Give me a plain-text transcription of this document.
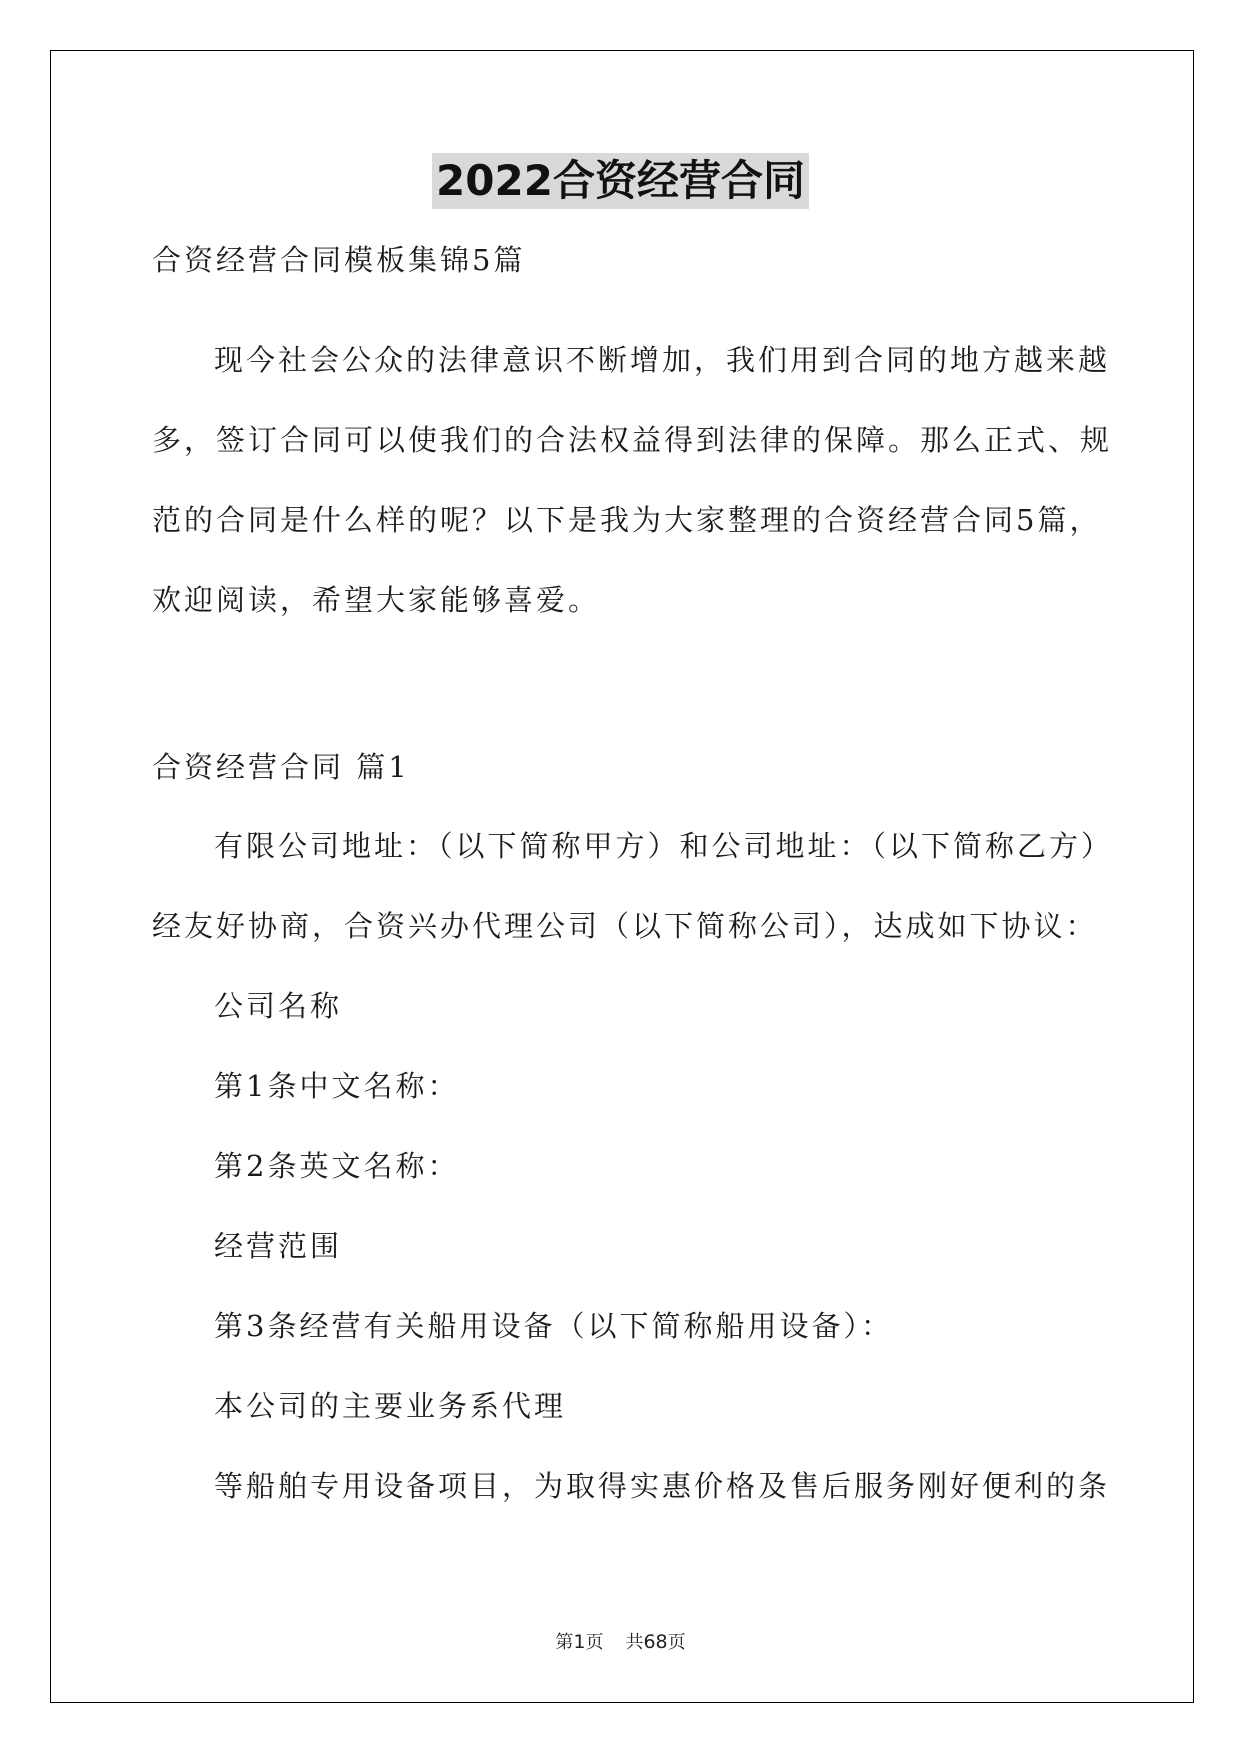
2022合资经营合同
合资经营合同模板集锦5篇
现今社会公众的法律意识不断增加，我们用到合同的地方越来越
多，签订合同可以使我们的合法权益得到法律的保障。那么正式、规
范的合同是什么样的呢？以下是我为大家整理的合资经营合同5篇，
欢迎阅读，希望大家能够喜爱。
合资经营合同 篇1
有限公司地址：（以下简称甲方）和公司地址：（以下简称乙方）
经友好协商，合资兴办代理公司（以下简称公司），达成如下协议：
公司名称
第1条中文名称：
第2条英文名称：
经营范围
第3条经营有关船用设备（以下简称船用设备）：
本公司的主要业务系代理
等船舶专用设备项目，为取得实惠价格及售后服务刚好便利的条
第1页 共68页
